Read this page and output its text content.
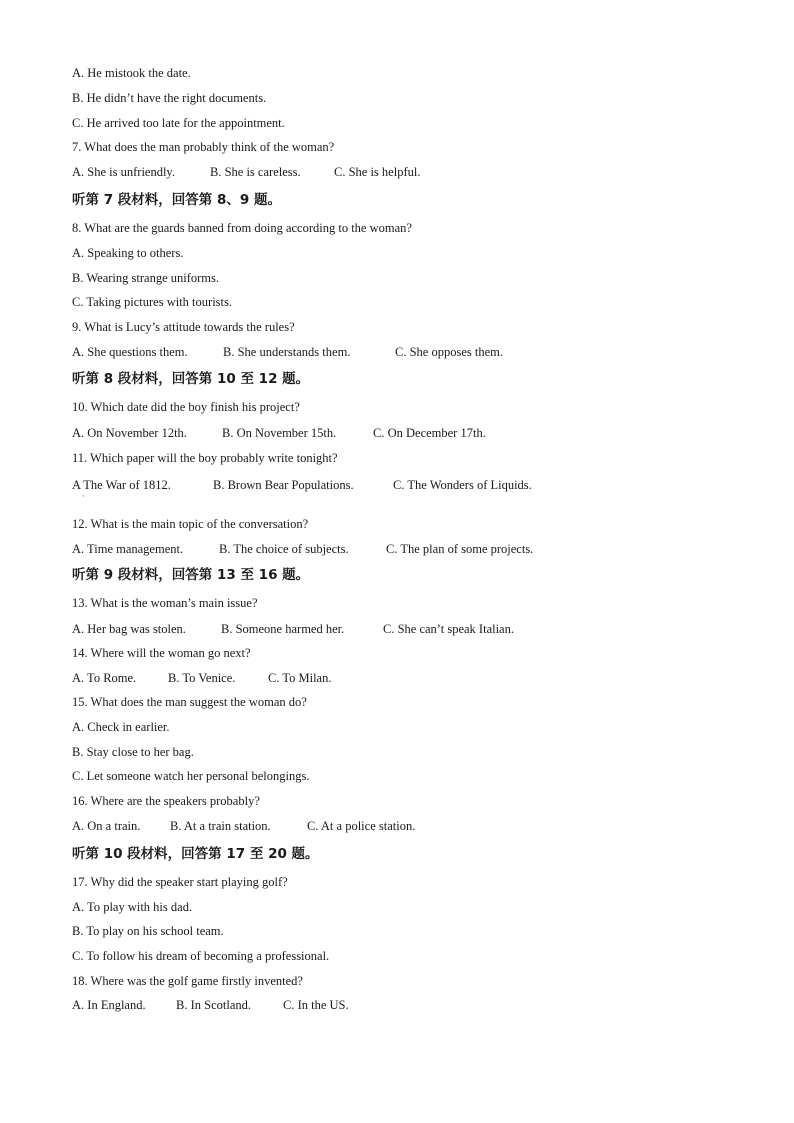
A. He mistook the date.
B. He didn’t have the right documents.
C. He arrived too late for the appointment.
7. What does the man probably think of the woman?
A. She is unfriendly.	B. She is careless.	C. She is helpful.
听第 7 段材料，回答第 8、9 题。
8. What are the guards banned from doing according to the woman?
A. Speaking to others.
B. Wearing strange uniforms.
C. Taking pictures with tourists.
9. What is Lucy’s attitude towards the rules?
A. She questions them.	B. She understands them.	C. She opposes them.
听第 8 段材料，回答第 10 至 12 题。
10. Which date did the boy finish his project?
A. On November 12th.	B. On November 15th.	C. On December 17th.
11. Which paper will the boy probably write tonight?
A The War of 1812.	B. Brown Bear Populations.	C. The Wonders of Liquids.
·
12. What is the main topic of the conversation?
A. Time management.	B. The choice of subjects.	C. The plan of some projects.
听第 9 段材料，回答第 13 至 16 题。
13. What is the woman’s main issue?
A. Her bag was stolen.	B. Someone harmed her.	C. She can’t speak Italian.
14. Where will the woman go next?
A. To Rome.	B. To Venice.	C. To Milan.
15. What does the man suggest the woman do?
A. Check in earlier.
B. Stay close to her bag.
C. Let someone watch her personal belongings.
16. Where are the speakers probably?
A. On a train. B. At a train station.	C. At a police station.
听第 10 段材料，回答第 17 至 20 题。
17. Why did the speaker start playing golf?
A. To play with his dad.
B. To play on his school team.
C. To follow his dream of becoming a professional.
18. Where was the golf game firstly invented?
A. In England. B. In Scotland.	C. In the US.
